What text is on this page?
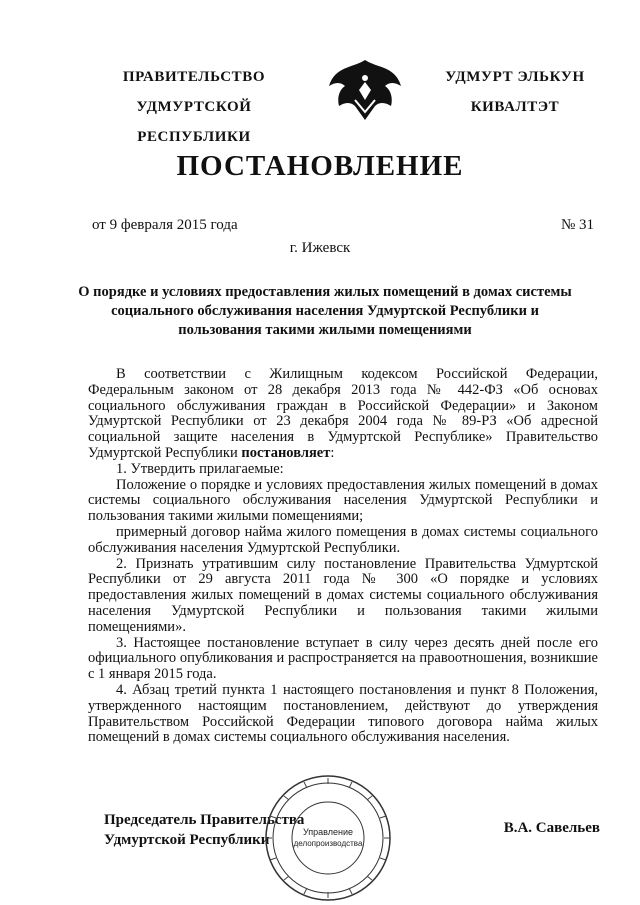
ПРАВИТЕЛЬСТВО
УДМУРТСКОЙ РЕСПУБЛИКИ
УДМУРТ ЭЛЬКУН
КИВАЛТЭТ
ПОСТАНОВЛЕНИЕ
от 9 февраля 2015 года	№ 31
г. Ижевск
О порядке и условиях предоставления жилых помещений в домах системы социального обслуживания населения Удмуртской Республики и пользования такими жилыми помещениями

В соответствии с Жилищным кодексом Российской Федерации, Федеральным законом от 28 декабря 2013 года № 442-ФЗ «Об основах социального обслуживания граждан в Российской Федерации» и Законом Удмуртской Республики от 23 декабря 2004 года № 89-РЗ «Об адресной социальной защите населения в Удмуртской Республике» Правительство Удмуртской Республики постановляет:

1. Утвердить прилагаемые:

Положение о порядке и условиях предоставления жилых помещений в домах системы социального обслуживания населения Удмуртской Республики и пользования такими жилыми помещениями;

примерный договор найма жилого помещения в домах системы социального обслуживания населения Удмуртской Республики.

2. Признать утратившим силу постановление Правительства Удмуртской Республики от 29 августа 2011 года № 300 «О порядке и условиях предоставления жилых помещений в домах системы социального обслуживания населения Удмуртской Республики и пользования такими жилыми помещениями».

3. Настоящее постановление вступает в силу через десять дней после его официального опубликования и распространяется на правоотношения, возникшие с 1 января 2015 года.

4. Абзац третий пункта 1 настоящего постановления и пункт 8 Положения, утвержденного настоящим постановлением, действуют до утверждения Правительством Российской Федерации типового договора найма жилых помещений в домах системы социального обслуживания населения.

Председатель Правительства
Удмуртской Республики	Управление
делопроизводства
В.А. Савельев
